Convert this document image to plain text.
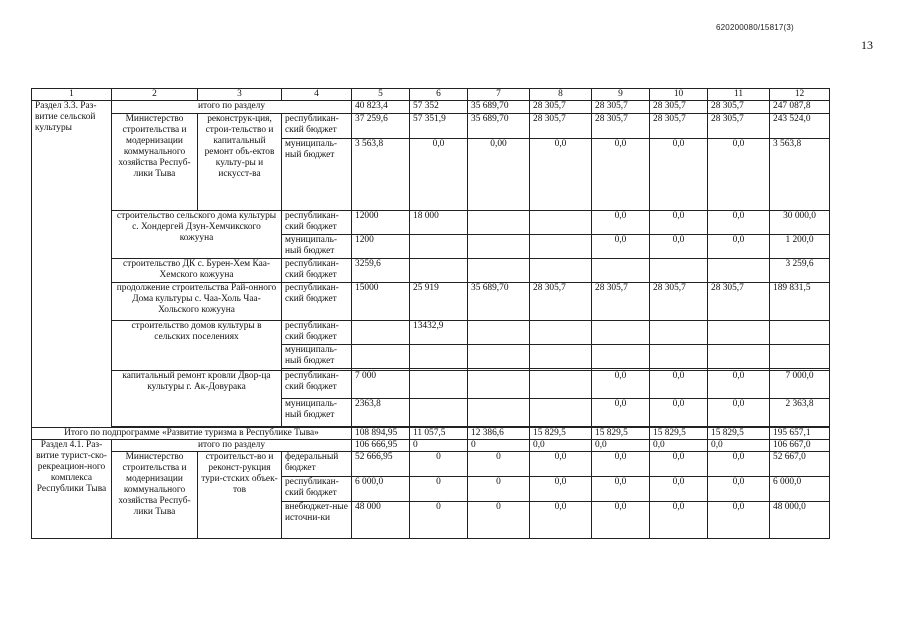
620200080/15817(3)
13
1	2	3	4	5	6	7	8	9	10	11	12
Раздел 3.3. Раз-витие сельской культуры	итого по разделу			40 823,4	57 352	35 689,70	28 305,7	28 305,7	28 305,7	28 305,7	247 087,8
	Министерство строительства и модернизации коммунального хозяйства Респуб-лики Тыва	реконструк-ция, строи-тельство и капитальный ремонт объ-ектов культу-ры и искусст-ва	республикан-ский бюджет	37 259,6	57 351,9	35 689,70	28 305,7	28 305,7	28 305,7	28 305,7	243 524,0
			муниципаль-ный бюджет	3 563,8	0,0	0,00	0,0	0,0	0,0	0,0	3 563,8
	строительство сельского дома культуры с. Хондергей Дзун-Хемчикского кожууна		республикан-ский бюджет	12000	18 000			0,0	0,0	0,0	30 000,0
			муниципаль-ный бюджет	1200				0,0	0,0	0,0	1 200,0
	строительство ДК с. Бурен-Хем Каа-Хемского кожууна		республикан-ский бюджет	3259,6							3 259,6
	продолжение строительства Рай-онного Дома культуры с. Чаа-Холь Чаа-Хольского кожууна		республикан-ский бюджет	15000	25 919	35 689,70	28 305,7	28 305,7	28 305,7	28 305,7	189 831,5
	строительство домов культуры в сельских поселениях		республикан-ский бюджет		13432,9						
			муниципаль-ный бюджет								

	капитальный ремонт кровли Двор-ца культуры г. Ак-Довурака		республикан-ский бюджет	7 000				0,0	0,0	0,0	7 000,0
			муниципаль-ный бюджет	2363,8				0,0	0,0	0,0	2 363,8

Итого по подпрограмме «Развитие туризма в Республике Тыва»				108 894,95	11 057,5	12 386,6	15 829,5	15 829,5	15 829,5	15 829,5	195 657,1
Раздел 4.1. Раз-витие турист-ско-рекреацион-ного комплекса Республики Тыва	итого по разделу			106 666,95	0	0	0,0	0,0	0,0	0,0	106 667,0
	Министерство строительства и модернизации коммунального хозяйства Респуб-лики Тыва	строительст-во и реконст-рукция тури-стских объек-тов	федеральный бюджет	52 666,95	0	0	0,0	0,0	0,0	0,0	52 667,0
			республикан-ский бюджет	6 000,0	0	0	0,0	0,0	0,0	0,0	6 000,0
			внебюджет-ные источни-ки	48 000	0	0	0,0	0,0	0,0	0,0	48 000,0
